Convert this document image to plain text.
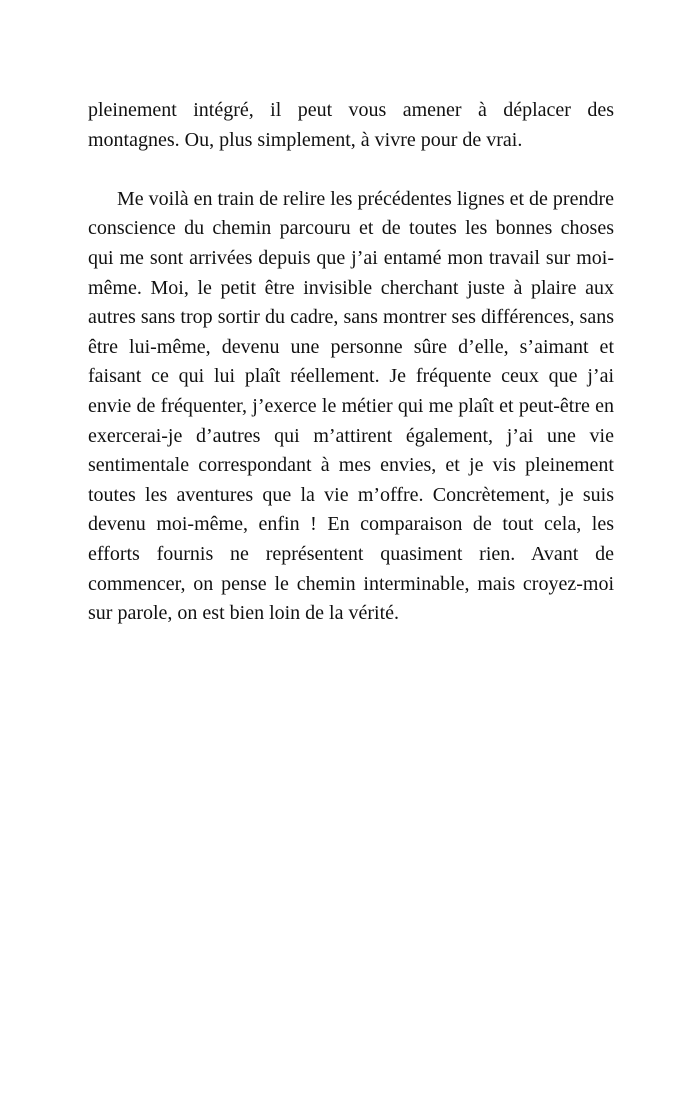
pleinement intégré, il peut vous amener à déplacer des montagnes. Ou, plus simplement, à vivre pour de vrai.

Me voilà en train de relire les précédentes lignes et de prendre conscience du chemin parcouru et de toutes les bonnes choses qui me sont arrivées depuis que j’ai entamé mon travail sur moi-même. Moi, le petit être invisible cherchant juste à plaire aux autres sans trop sortir du cadre, sans montrer ses différences, sans être lui-même, devenu une personne sûre d’elle, s’aimant et faisant ce qui lui plaît réellement. Je fréquente ceux que j’ai envie de fréquenter, j’exerce le métier qui me plaît et peut-être en exercerai-je d’autres qui m’attirent également, j’ai une vie sentimentale correspondant à mes envies, et je vis pleinement toutes les aventures que la vie m’offre. Concrètement, je suis devenu moi-même, enfin ! En comparaison de tout cela, les efforts fournis ne représentent quasiment rien. Avant de commencer, on pense le chemin interminable, mais croyez-moi sur parole, on est bien loin de la vérité.
